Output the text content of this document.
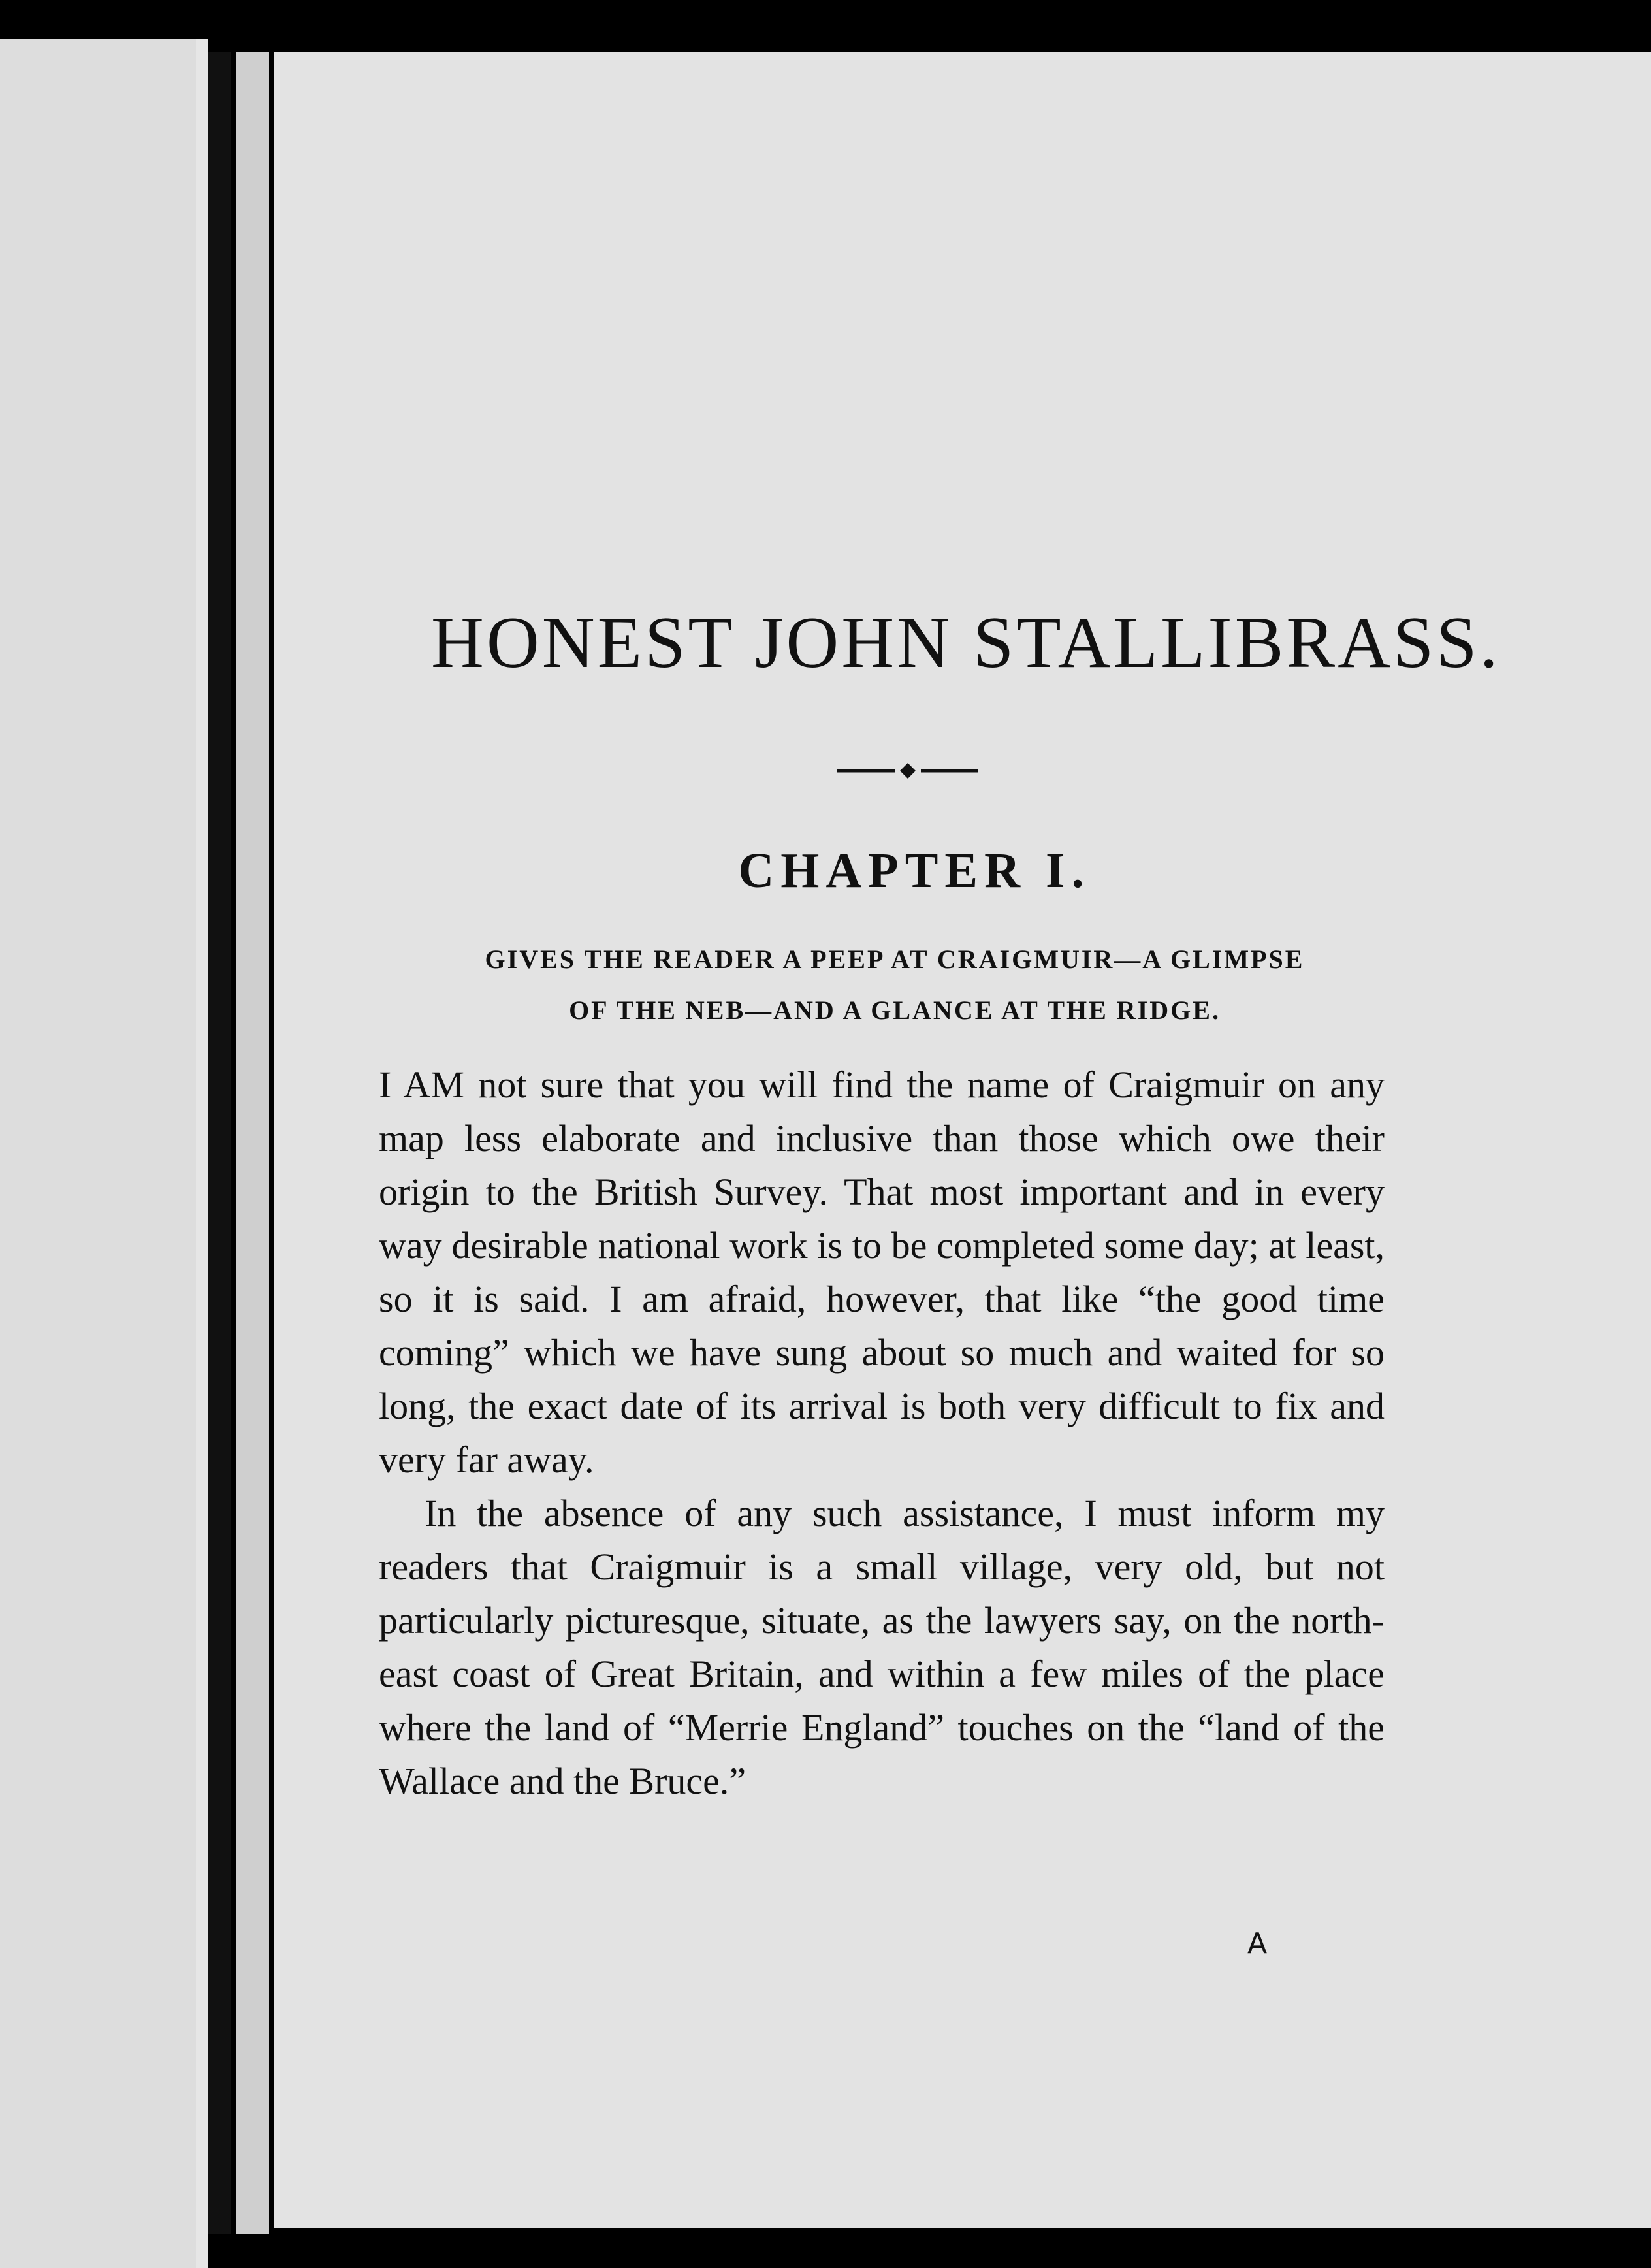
HONEST JOHN STALLIBRASS.
CHAPTER I.
GIVES THE READER A PEEP AT CRAIGMUIR—A GLIMPSE
OF THE NEB—AND A GLANCE AT THE RIDGE.

I AM not sure that you will find the name of Craigmuir on any map less elaborate and inclusive than those which owe their origin to the British Survey. That most important and in every way desirable national work is to be completed some day; at least, so it is said. I am afraid, however, that like “the good time coming” which we have sung about so much and waited for so long, the exact date of its arrival is both very difficult to fix and very far away.

In the absence of any such assistance, I must inform my readers that Craigmuir is a small village, very old, but not particularly picturesque, situate, as the lawyers say, on the north-east coast of Great Britain, and within a few miles of the place where the land of “Merrie England” touches on the “land of the Wallace and the Bruce.”

A
